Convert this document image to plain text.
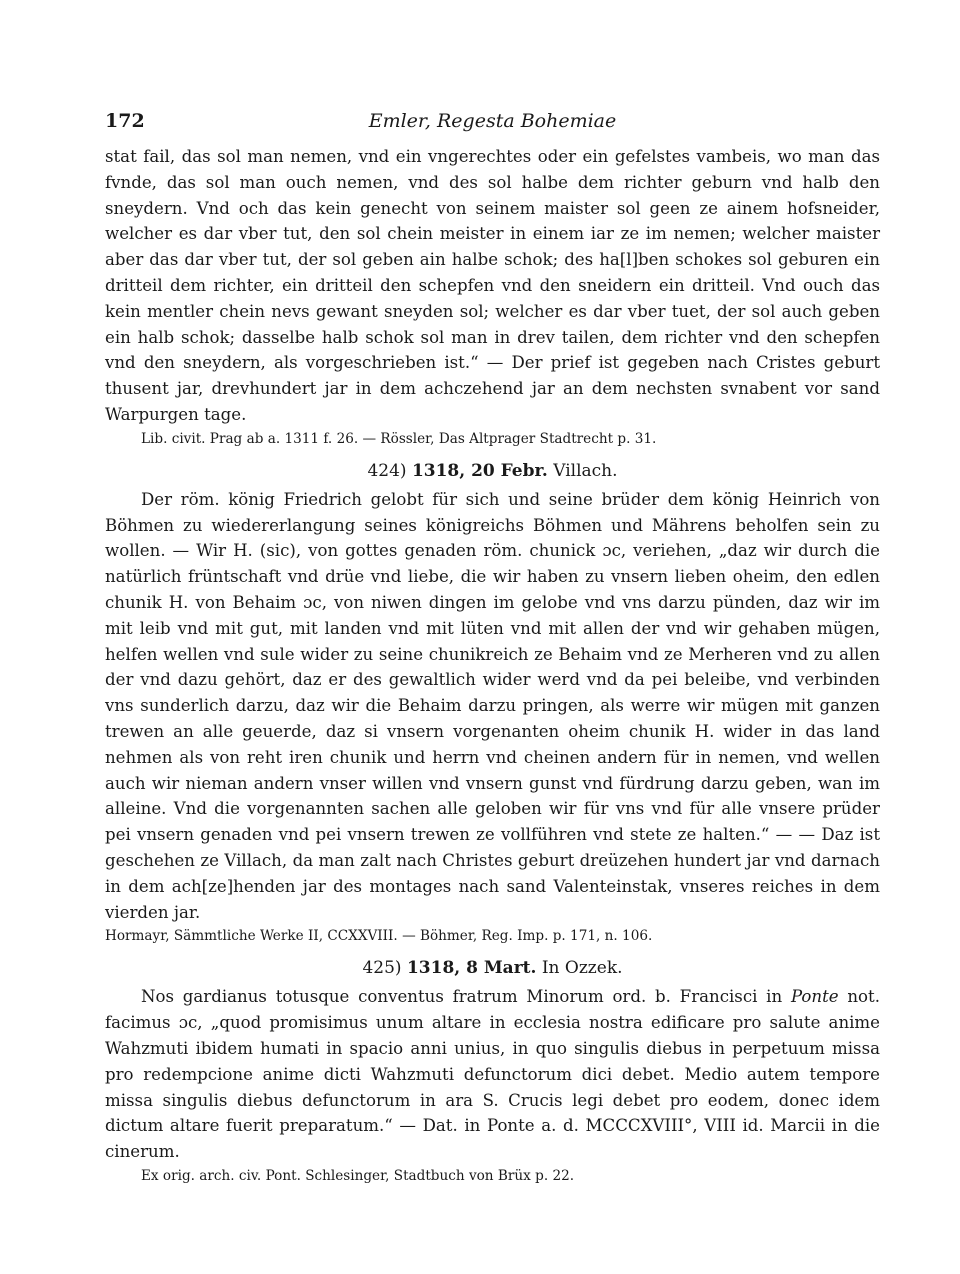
172	Emler, Regesta Bohemiae

stat fail, das sol man nemen, vnd ein vngerechtes oder ein gefelstes vambeis, wo man das fvnde, das sol man ouch nemen, vnd des sol halbe dem richter geburn vnd halb den sneydern. Vnd och das kein genecht von seinem maister sol geen ze ainem hofsneider, welcher es dar vber tut, den sol chein meister in einem iar ze im nemen; welcher maister aber das dar vber tut, der sol geben ain halbe schok; des ha[l]ben schokes sol geburen ein dritteil dem richter, ein dritteil den schepfen vnd den sneidern ein dritteil. Vnd ouch das kein mentler chein nevs gewant sneyden sol; welcher es dar vber tuet, der sol auch geben ein halb schok; dasselbe halb schok sol man in drev tailen, dem richter vnd den schepfen vnd den sneydern, als vorgeschrieben ist.“ — Der prief ist gegeben nach Cristes geburt thusent jar, drevhundert jar in dem achczehend jar an dem nechsten svnabent vor sand Warpurgen tage.

Lib. civit. Prag ab a. 1311 f. 26. — Rössler, Das Altprager Stadtrecht p. 31.
424) 1318, 20 Febr. Villach.

Der röm. könig Friedrich gelobt für sich und seine brüder dem könig Heinrich von Böhmen zu wiedererlangung seines königreichs Böhmen und Mährens beholfen sein zu wollen. — Wir H. (sic), von gottes genaden röm. chunick ɔc, veriehen, „daz wir durch die natürlich früntschaft vnd drüe vnd liebe, die wir haben zu vnsern lieben oheim, den edlen chunik H. von Behaim ɔc, von niwen dingen im gelobe vnd vns darzu pünden, daz wir im mit leib vnd mit gut, mit landen vnd mit lüten vnd mit allen der vnd wir gehaben mügen, helfen wellen vnd sule wider zu seine chunikreich ze Behaim vnd ze Merheren vnd zu allen der vnd dazu gehört, daz er des gewaltlich wider werd vnd da pei beleibe, vnd verbinden vns sunderlich darzu, daz wir die Behaim darzu pringen, als werre wir mügen mit ganzen trewen an alle geuerde, daz si vnsern vorgenanten oheim chunik H. wider in das land nehmen als von reht iren chunik und herrn vnd cheinen andern für in nemen, vnd wellen auch wir nieman andern vnser willen vnd vnsern gunst vnd fürdrung darzu geben, wan im alleine. Vnd die vorgenannten sachen alle geloben wir für vns vnd für alle vnsere prüder pei vnsern genaden vnd pei vnsern trewen ze vollführen vnd stete ze halten.“ — — Daz ist geschehen ze Villach, da man zalt nach Christes geburt dreüzehen hundert jar vnd darnach in dem ach[ze]henden jar des montages nach sand Valenteinstak, vnseres reiches in dem vierden jar.

Hormayr, Sämmtliche Werke II, CCXXVIII. — Böhmer, Reg. Imp. p. 171, n. 106.
425) 1318, 8 Mart. In Ozzek.

Nos gardianus totusque conventus fratrum Minorum ord. b. Francisci in Ponte not. facimus ɔc, „quod promisimus unum altare in ecclesia nostra edificare pro salute anime Wahzmuti ibidem humati in spacio anni unius, in quo singulis diebus in perpetuum missa pro redempcione anime dicti Wahzmuti defunctorum dici debet. Medio autem tempore missa singulis diebus defunctorum in ara S. Crucis legi debet pro eodem, donec idem dictum altare fuerit preparatum.“ — Dat. in Ponte a. d. MCCCXVIII°, VIII id. Marcii in die cinerum.

Ex orig. arch. civ. Pont. Schlesinger, Stadtbuch von Brüx p. 22.
